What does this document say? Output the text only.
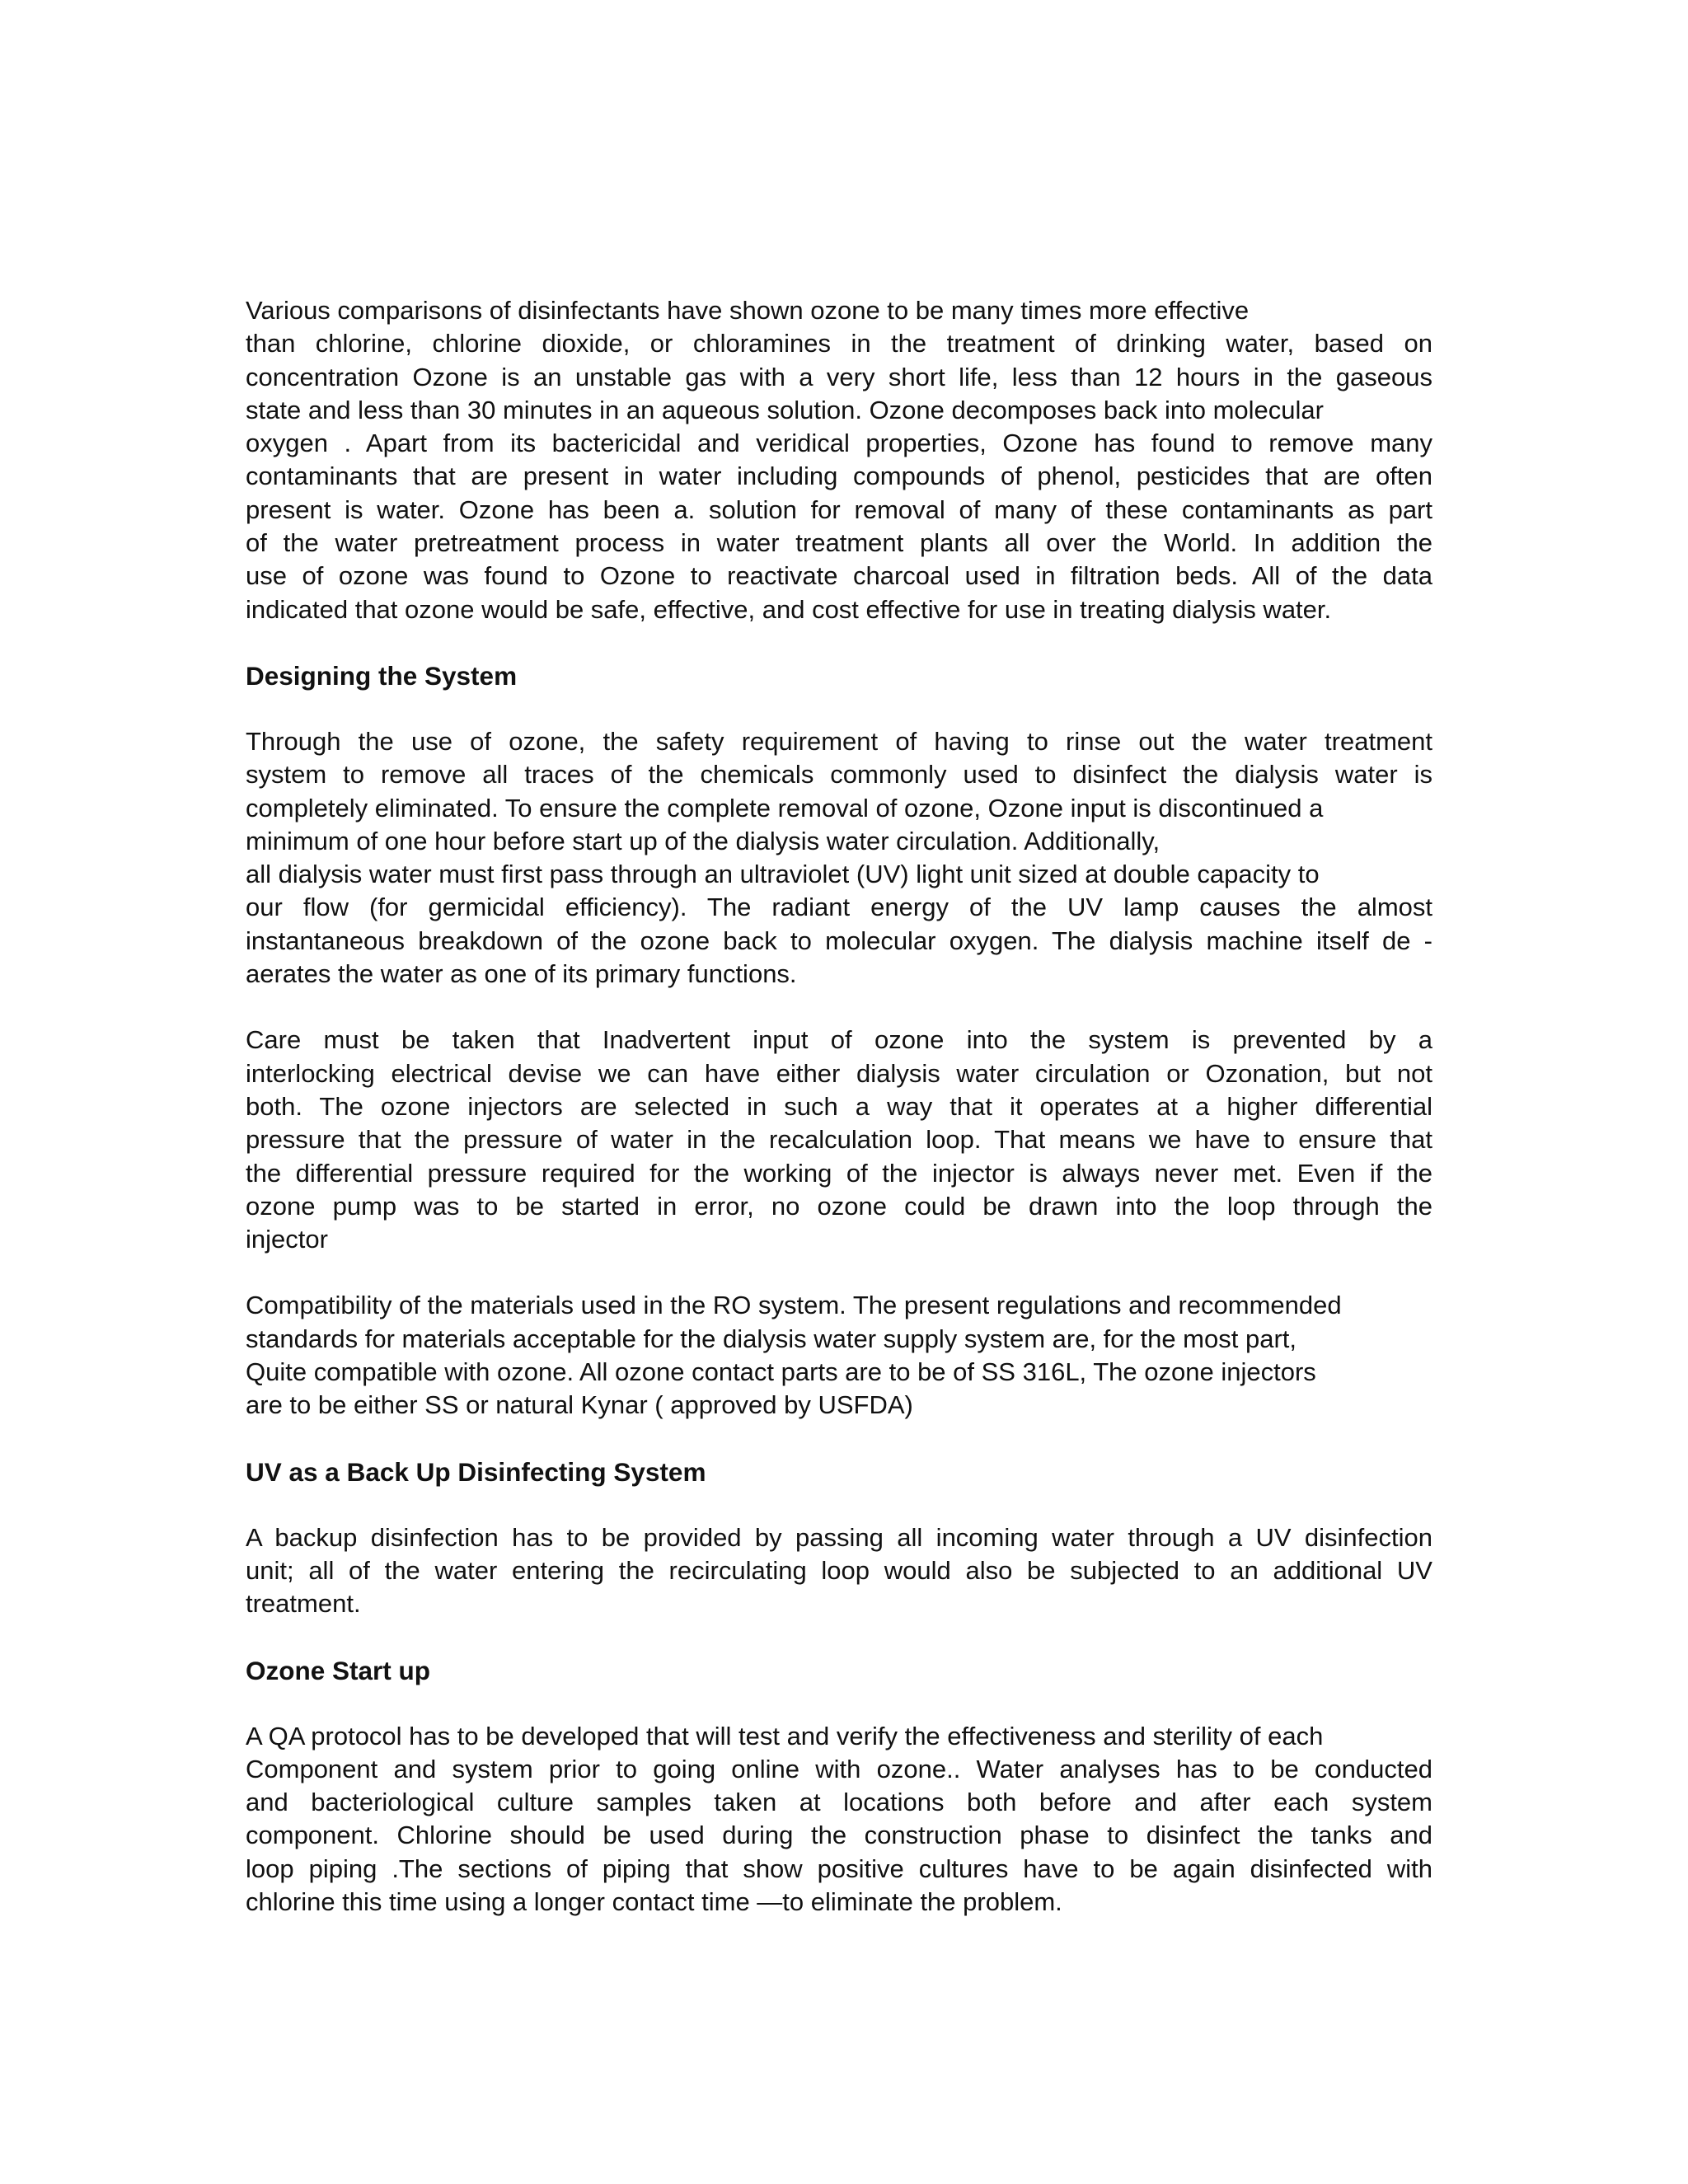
Various comparisons of disinfectants have shown ozone to be many times more effective
than chlorine, chlorine dioxide, or chloramines in the treatment of drinking water, based on
concentration Ozone is an unstable gas with a very short life, less than 12 hours in the gaseous
state and less than 30 minutes in an aqueous solution. Ozone decomposes back into molecular
oxygen . Apart from its bactericidal and veridical properties, Ozone has found to remove many
contaminants that are present in water including compounds of phenol, pesticides that are often
present is water. Ozone has been a. solution for removal of many of these contaminants as part
of the water pretreatment process in water treatment plants all over the World. In addition the
use of ozone was found to Ozone to reactivate charcoal used in filtration beds. All of the data
indicated that ozone would be safe, effective, and cost effective for use in treating dialysis water.
Designing the System
Through the use of ozone, the safety requirement of having to rinse out the water treatment
system to remove all traces of the chemicals commonly used to disinfect the dialysis water is
completely eliminated. To ensure the complete removal of ozone, Ozone input is discontinued a
minimum of one hour before start up of the dialysis water circulation. Additionally,
all dialysis water must first pass through an ultraviolet (UV) light unit sized at double capacity to
our flow (for germicidal efficiency). The radiant energy of the UV lamp causes the almost
instantaneous breakdown of the ozone back to molecular oxygen. The dialysis machine itself de -
aerates the water as one of its primary functions.
Care must be taken that Inadvertent input of ozone into the system is prevented by a
interlocking electrical devise we can have either dialysis water circulation or Ozonation, but not
both. The ozone injectors are selected in such a way that it operates at a higher differential
pressure that the pressure of water in the recalculation loop. That means we have to ensure that
the differential pressure required for the working of the injector is always never met. Even if the
ozone pump was to be started in error, no ozone could be drawn into the loop through the
injector
Compatibility of the materials used in the RO system. The present regulations and recommended
standards for materials acceptable for the dialysis water supply system are, for the most part,
Quite compatible with ozone. All ozone contact parts are to be of SS 316L, The ozone injectors
are to be either SS or natural Kynar ( approved by USFDA)
UV as a Back Up Disinfecting System
A backup disinfection has to be provided by passing all incoming water through a UV disinfection
unit; all of the water entering the recirculating loop would also be subjected to an additional UV
treatment.
Ozone Start up
A QA protocol has to be developed that will test and verify the effectiveness and sterility of each
Component and system prior to going online with ozone.. Water analyses has to be conducted
and bacteriological culture samples taken at locations both before and after each system
component. Chlorine should be used during the construction phase to disinfect the tanks and
loop piping .The sections of piping that show positive cultures have to be again disinfected with
chlorine this time using a longer contact time —to eliminate the problem.
